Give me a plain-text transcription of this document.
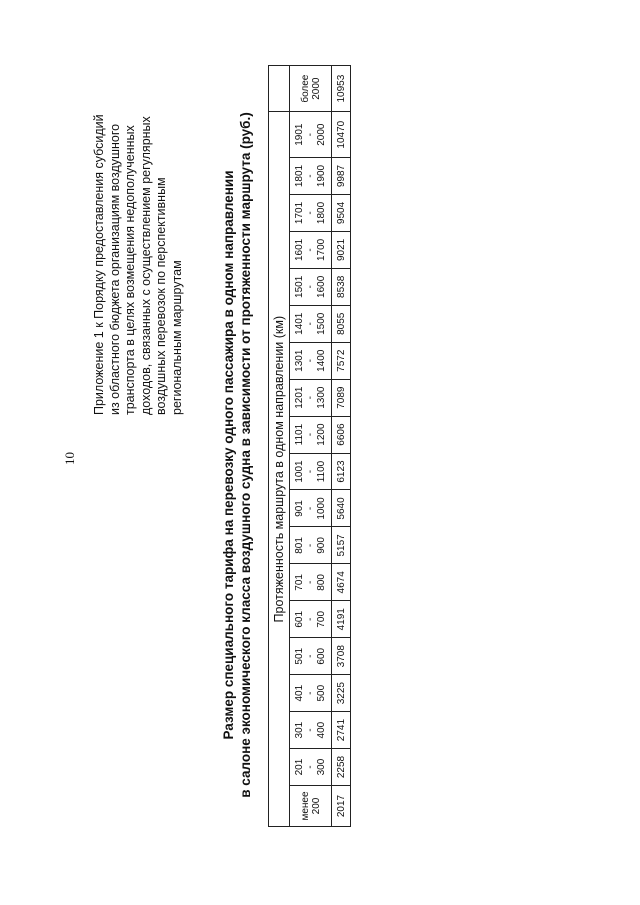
10
Приложение 1 к Порядку предоставления субсидий из областного бюджета организациям воздушного транспорта в целях возмещения недополученных доходов, связанных с осуществлением регулярных воздушных перевозок по перспективным региональным маршрутам	Размер специального тарифа на перевозку одного пассажира в одном направлении в салоне экономического класса воздушного судна в зависимости от протяженности маршрута (руб.) Протяженность маршрута в одном направлении (км)																			

менее 200	201 - 300	301 - 400	401 - 500	501 - 600	601 - 700	701 - 800	801 - 900	901 - 1000	1001 - 1100	1101 - 1200	1201 - 1300	1301 - 1400	1401 - 1500	1501 - 1600	1601 - 1700	1701 - 1800	1801 - 1900	1901 - 2000	более 2000

2017	2258	2741	3225	3708	4191	4674	5157	5640	6123	6606	7089	7572	8055	8538	9021	9504	9987	10470	10953
